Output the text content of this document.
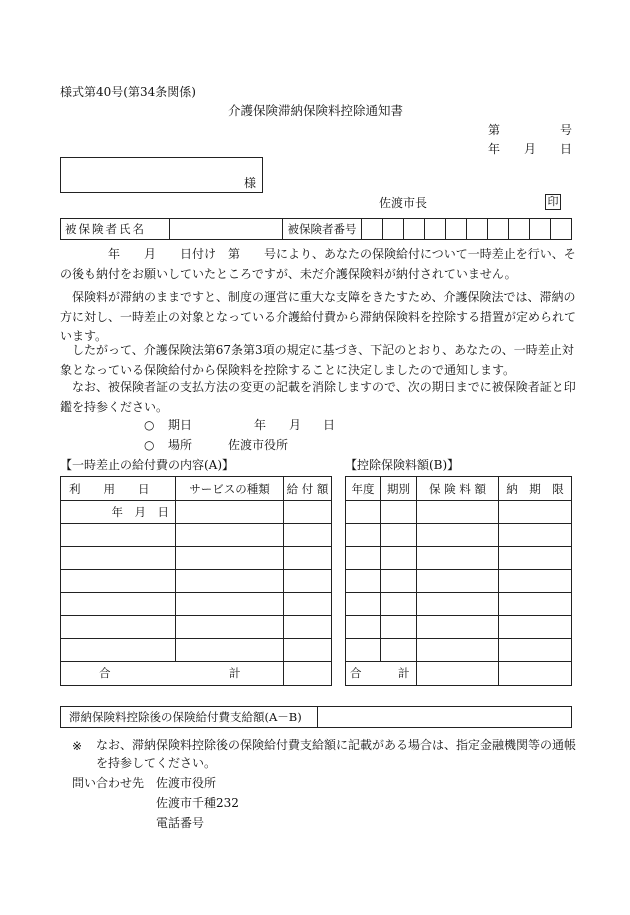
様式第40号(第34条関係)
介護保険滞納保険料控除通知書
第	号
年 月 日
様
佐渡市長	印
被保険者氏名		被保険者番号										

年　　月　　日付け　第　　号により、あなたの保険給付について一時差止を行い、その後も納付をお願いしていたところですが、未だ介護保険料が納付されていません。

保険料が滞納のままですと、制度の運営に重大な支障をきたすため、介護保険法では、滞納の方に対し、一時差止の対象となっている介護給付費から滞納保険料を控除する措置が定められています。

したがって、介護保険法第67条第3項の規定に基づき、下記のとおり、あなたの、一時差止対象となっている保険給付から保険料を控除することに決定しましたので通知します。

なお、被保険者証の支払方法の変更の記載を消除しますので、次の期日までに被保険者証と印鑑を持参ください。

○ 期日	年 月 日
○ 場所	佐渡市役所
【一時差止の給付費の内容(A)】
利　　用　　日	サービスの種類	給 付 額
年　月　日		

合 計		

【控除保険料額(B)】
年度	期別	保 険 料 額	納　期　限

合 計			

滞納保険料控除後の保険給付費支給額(A－B)	
※ なお、滞納保険料控除後の保険給付費支給額に記載がある場合は、指定金融機関等の通帳を持参してください。

問い合わせ先 佐渡市役所
佐渡市千種232
電話番号
